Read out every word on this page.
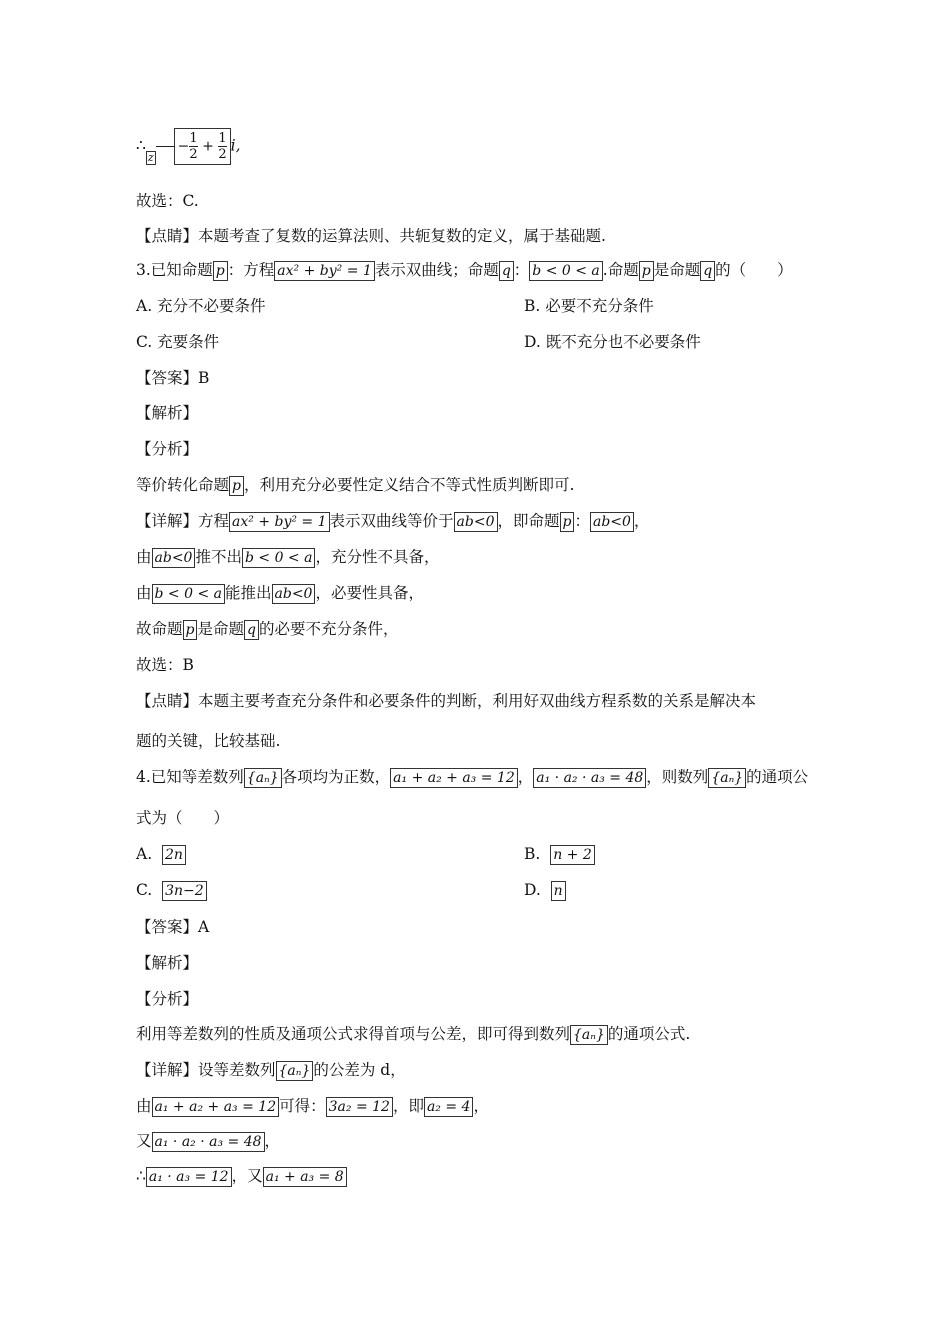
∴z− $\frac{1}{2} + \frac{1}{2} i$,
故选：C.
【点睛】本题考查了复数的运算法则、共轭复数的定义，属于基础题.
3.已知命题 p ：方程 ax² + by² = 1 表示双曲线；命题 q ： b < 0 < a .命题 p 是命题 q 的（　　）
A. 充分不必要条件	B. 必要不充分条件
C. 充要条件	D. 既不充分也不必要条件
【答案】B
【解析】
【分析】
等价转化命题 p ，利用充分必要性定义结合不等式性质判断即可.
【详解】方程 ax² + by² = 1 表示双曲线等价于 ab<0 ，即命题 p ： ab<0 ，
由 ab<0 推不出 b < 0 < a ，充分性不具备，
由 b < 0 < a 能推出 ab<0 ，必要性具备，
故命题 p 是命题 q 的必要不充分条件，
故选：B
【点睛】本题主要考查充分条件和必要条件的判断，利用好双曲线方程系数的关系是解决本
题的关键，比较基础.
4.已知等差数列 {aₙ} 各项均为正数， a₁ + a₂ + a₃ = 12 ， a₁ · a₂ · a₃ = 48 ，则数列 {aₙ} 的通项公
式为（　　）
A. 2n	B. n + 2
C. 3n−2	D. n
【答案】A
【解析】
【分析】
利用等差数列的性质及通项公式求得首项与公差，即可得到数列 {aₙ} 的通项公式.
【详解】设等差数列 {aₙ} 的公差为 d，
由 a₁ + a₂ + a₃ = 12 可得： 3a₂ = 12 ，即 a₂ = 4 ，
又 a₁ · a₂ · a₃ = 48 ，
∴ a₁ · a₃ = 12 ，又 a₁ + a₃ = 8
